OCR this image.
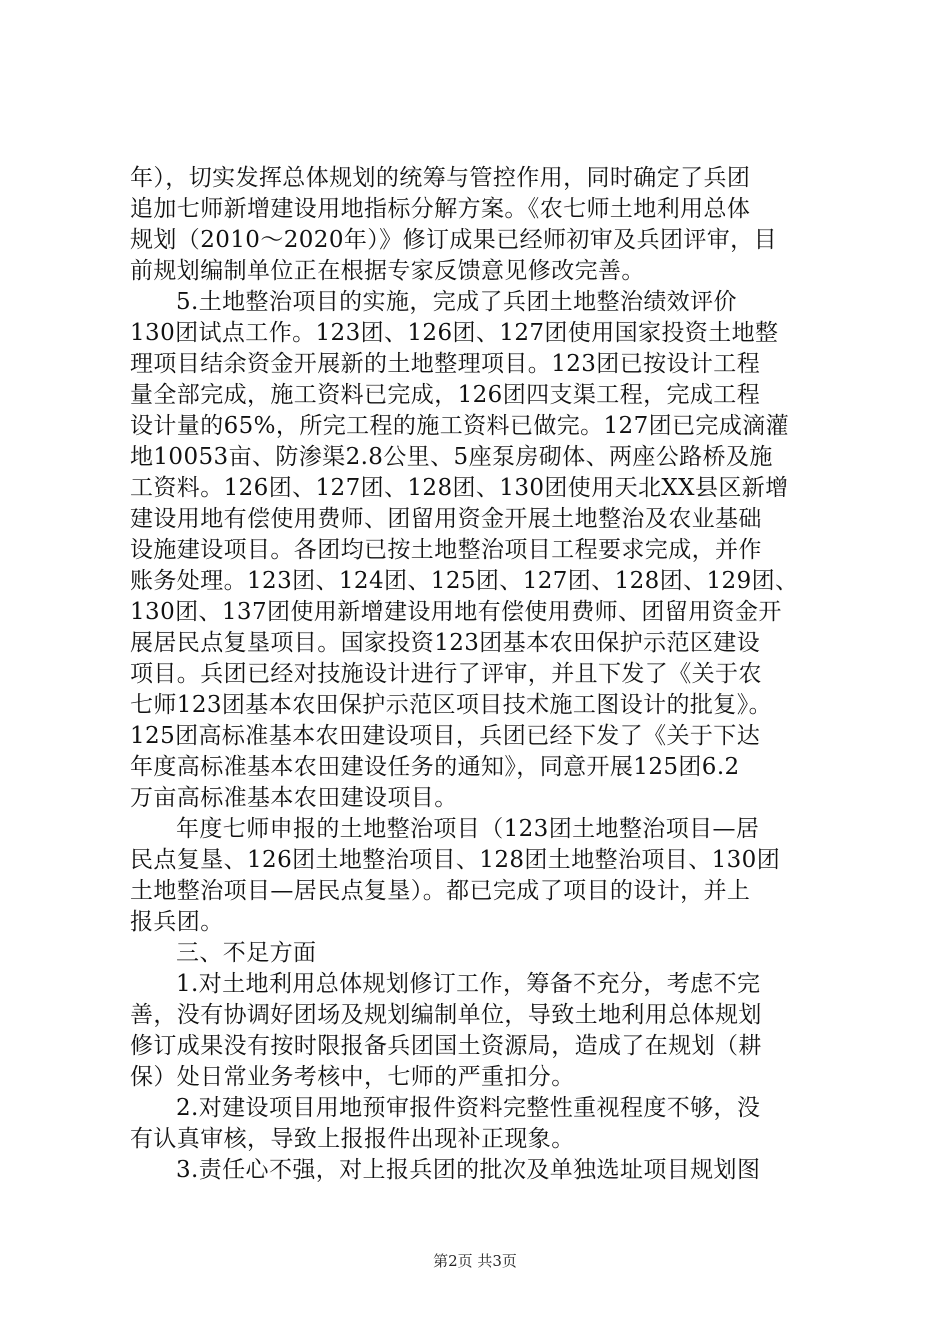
年），切实发挥总体规划的统筹与管控作用，同时确定了兵团
追加七师新增建设用地指标分解方案。《农七师土地利用总体
规划（2010～2020年）》修订成果已经师初审及兵团评审，目
前规划编制单位正在根据专家反馈意见修改完善。
5.土地整治项目的实施，完成了兵团土地整治绩效评价
130团试点工作。123团、126团、127团使用国家投资土地整
理项目结余资金开展新的土地整理项目。123团已按设计工程
量全部完成，施工资料已完成，126团四支渠工程，完成工程
设计量的65%，所完工程的施工资料已做完。127团已完成滴灌
地10053亩、防渗渠2.8公里、5座泵房砌体、两座公路桥及施
工资料。126团、127团、128团、130团使用天北XX县区新增
建设用地有偿使用费师、团留用资金开展土地整治及农业基础
设施建设项目。各团均已按土地整治项目工程要求完成，并作
账务处理。123团、124团、125团、127团、128团、129团、
130团、137团使用新增建设用地有偿使用费师、团留用资金开
展居民点复垦项目。国家投资123团基本农田保护示范区建设
项目。兵团已经对技施设计进行了评审，并且下发了《关于农
七师123团基本农田保护示范区项目技术施工图设计的批复》。
125团高标准基本农田建设项目，兵团已经下发了《关于下达
年度高标准基本农田建设任务的通知》，同意开展125团6.2
万亩高标准基本农田建设项目。
年度七师申报的土地整治项目（123团土地整治项目—居
民点复垦、126团土地整治项目、128团土地整治项目、130团
土地整治项目—居民点复垦）。都已完成了项目的设计，并上
报兵团。
三、不足方面
1.对土地利用总体规划修订工作，筹备不充分，考虑不完
善，没有协调好团场及规划编制单位，导致土地利用总体规划
修订成果没有按时限报备兵团国土资源局，造成了在规划（耕
保）处日常业务考核中，七师的严重扣分。
2.对建设项目用地预审报件资料完整性重视程度不够，没
有认真审核，导致上报报件出现补正现象。
3.责任心不强，对上报兵团的批次及单独选址项目规划图
第2页 共3页
